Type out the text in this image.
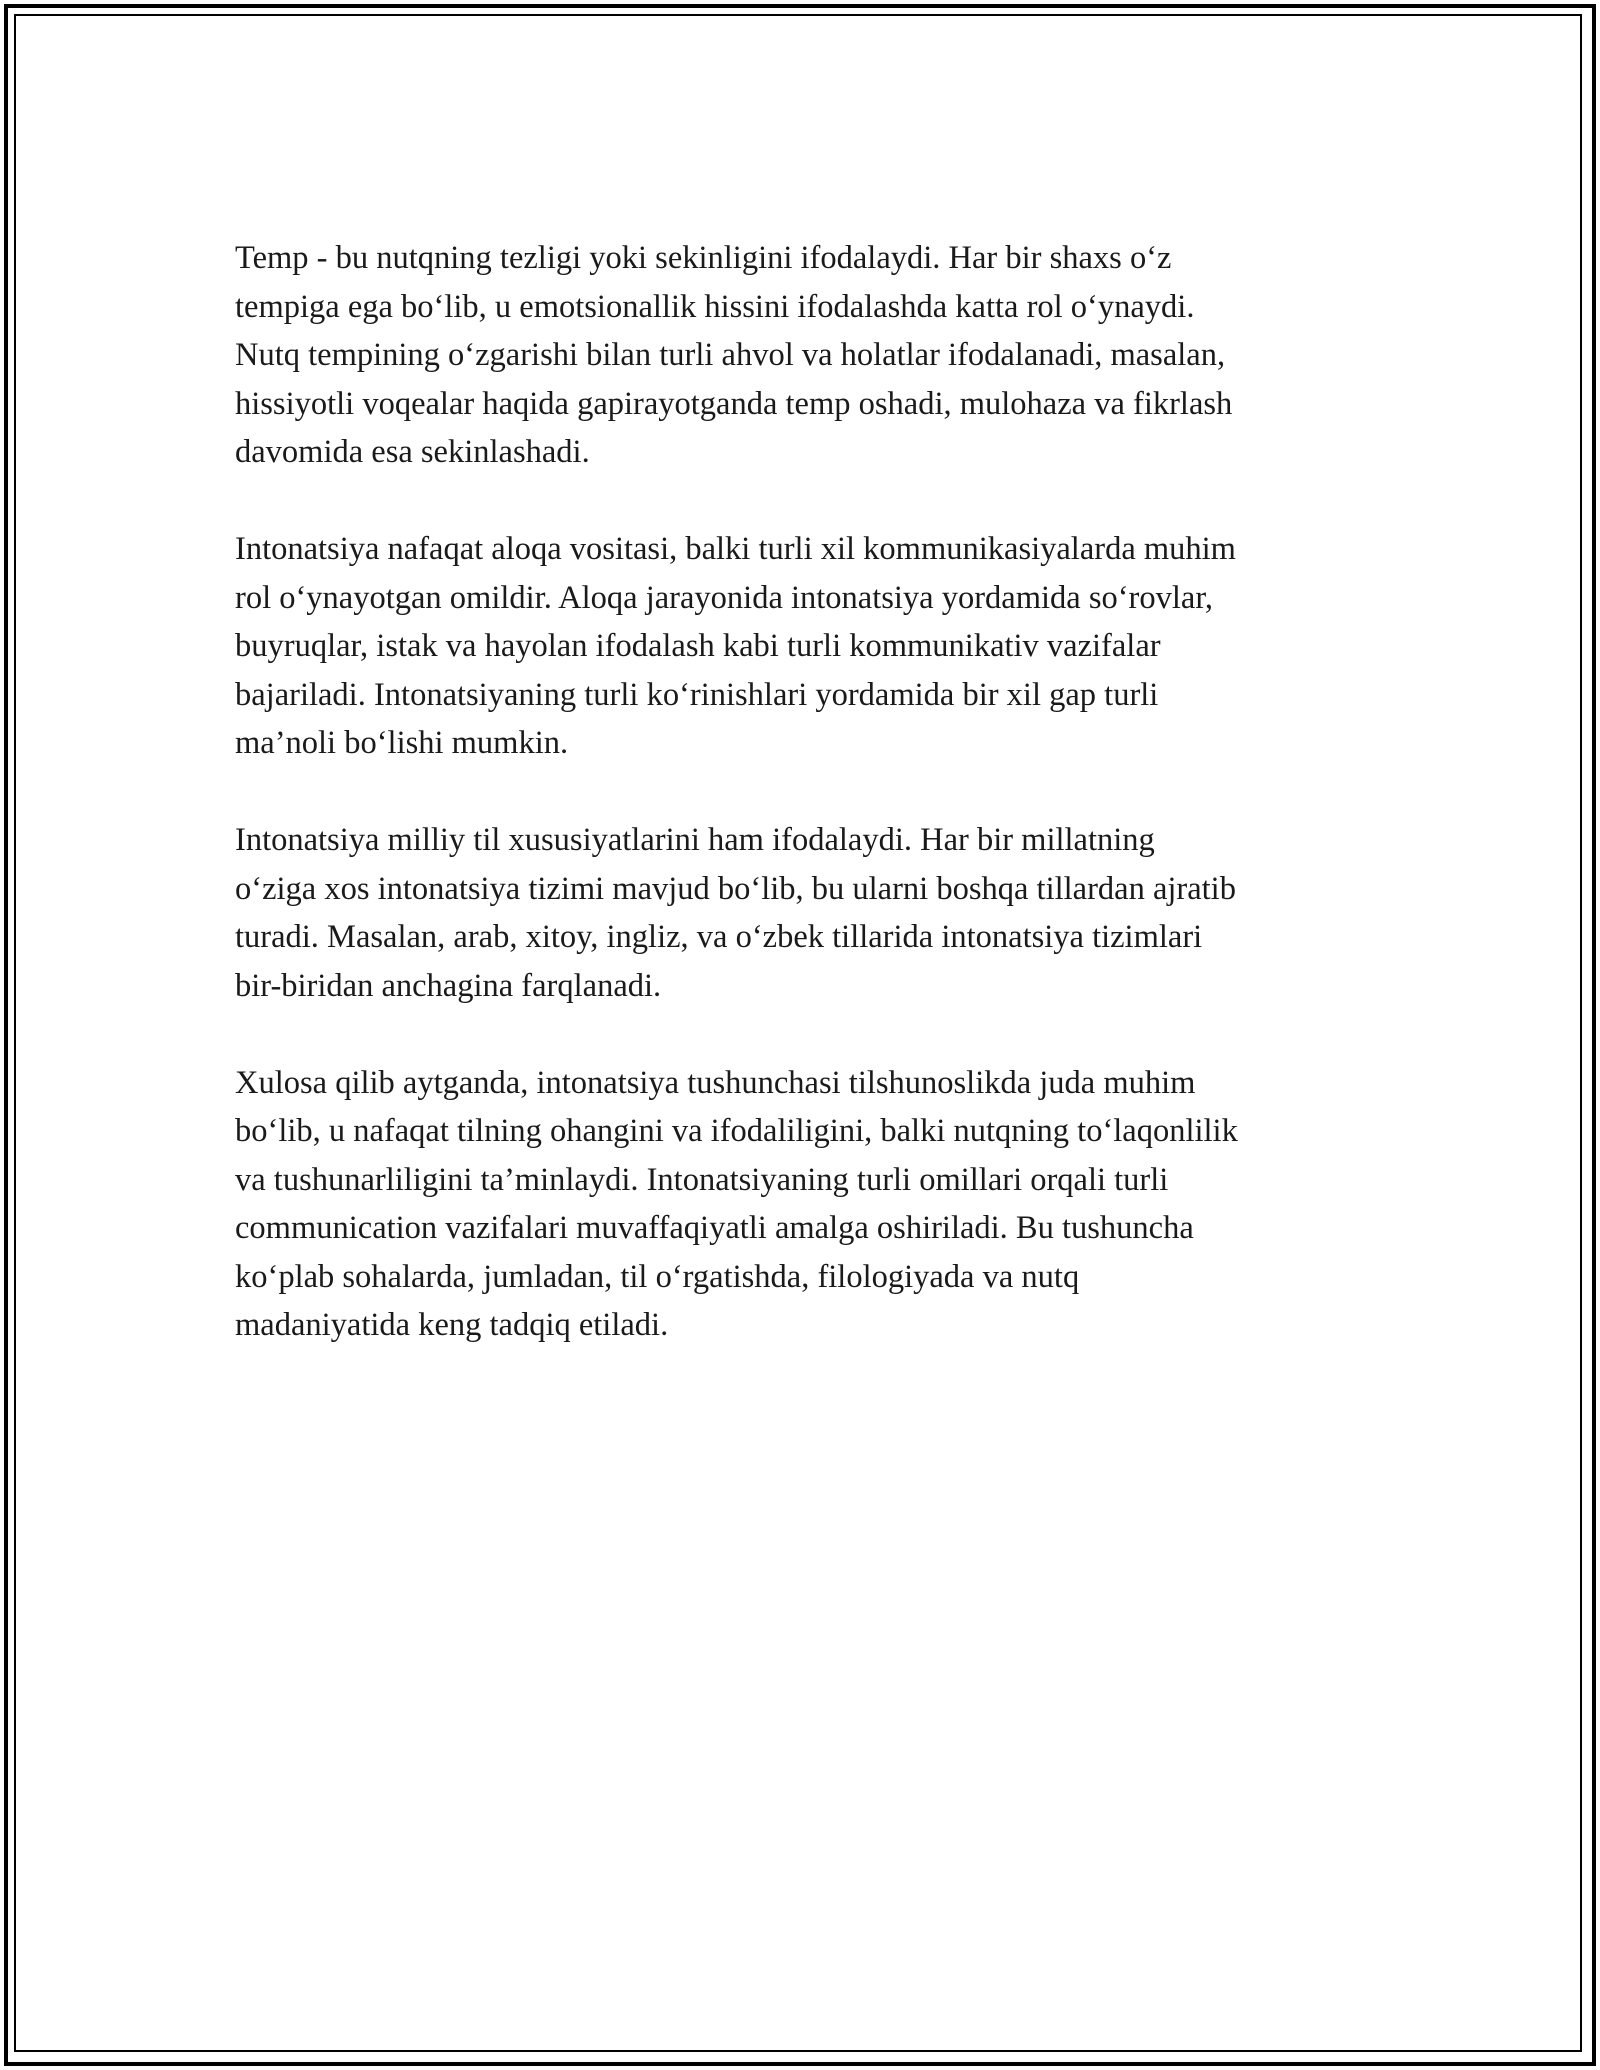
Temp - bu nutqning tezligi yoki sekinligini ifodalaydi. Har bir shaxs o‘z
tempiga ega bo‘lib, u emotsionallik hissini ifodalashda katta rol o‘ynaydi.
Nutq tempining o‘zgarishi bilan turli ahvol va holatlar ifodalanadi, masalan,
hissiyotli voqealar haqida gapirayotganda temp oshadi, mulohaza va fikrlash
davomida esa sekinlashadi.

Intonatsiya nafaqat aloqa vositasi, balki turli xil kommunikasiyalarda muhim
rol o‘ynayotgan omildir. Aloqa jarayonida intonatsiya yordamida so‘rovlar,
buyruqlar, istak va hayolan ifodalash kabi turli kommunikativ vazifalar
bajariladi. Intonatsiyaning turli ko‘rinishlari yordamida bir xil gap turli
ma’noli bo‘lishi mumkin.

Intonatsiya milliy til xususiyatlarini ham ifodalaydi. Har bir millatning
o‘ziga xos intonatsiya tizimi mavjud bo‘lib, bu ularni boshqa tillardan ajratib
turadi. Masalan, arab, xitoy, ingliz, va o‘zbek tillarida intonatsiya tizimlari
bir-biridan anchagina farqlanadi.

Xulosa qilib aytganda, intonatsiya tushunchasi tilshunoslikda juda muhim
bo‘lib, u nafaqat tilning ohangini va ifodaliligini, balki nutqning to‘laqonlilik
va tushunarliligini ta’minlaydi. Intonatsiyaning turli omillari orqali turli
communication vazifalari muvaffaqiyatli amalga oshiriladi. Bu tushuncha
ko‘plab sohalarda, jumladan, til o‘rgatishda, filologiyada va nutq
madaniyatida keng tadqiq etiladi.
